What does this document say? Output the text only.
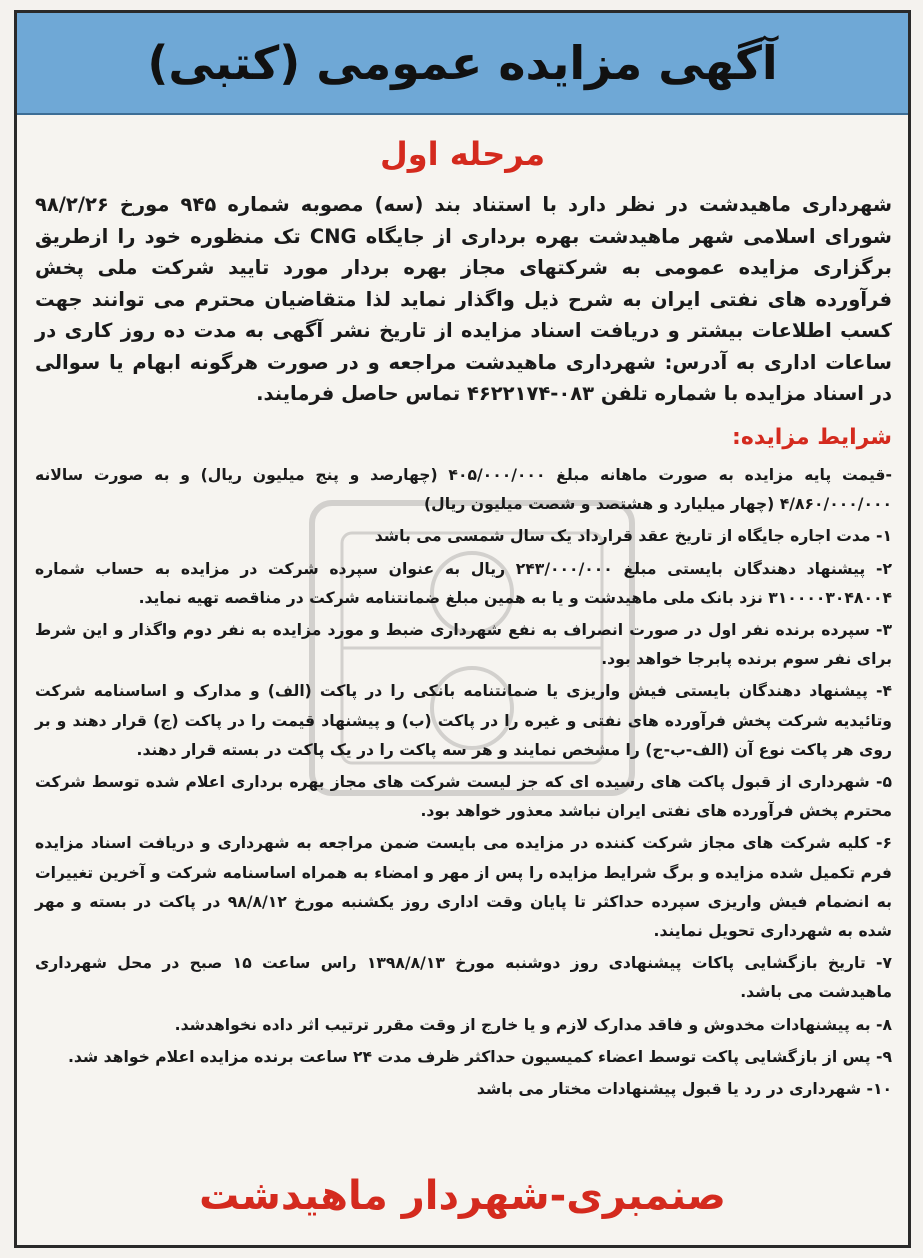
آگهی مزایده عمومی (کتبی)
مرحله اول
شهرداری ماهیدشت در نظر دارد با استناد بند (سه) مصوبه شماره ۹۴۵ مورخ ۹۸/۲/۲۶ شورای اسلامی شهر ماهیدشت بهره برداری از جایگاه CNG تک منظوره خود را ازطریق برگزاری مزایده عمومی به شرکتهای مجاز بهره بردار مورد تایید شرکت ملی پخش فرآورده های نفتی ایران به شرح ذیل واگذار نماید لذا متقاضیان محترم می توانند جهت کسب اطلاعات بیشتر و دریافت اسناد مزایده از تاریخ نشر آگهی به مدت ده روز کاری در ساعات اداری به آدرس: شهرداری ماهیدشت مراجعه و در صورت هرگونه ابهام یا سوالی در اسناد مزایده با شماره تلفن ۰۸۳-۴۶۲۲۱۷۴ تماس حاصل فرمایند.
شرایط مزایده:
-قیمت پایه مزایده به صورت ماهانه مبلغ ۴۰۵/۰۰۰/۰۰۰ (چهارصد و پنج میلیون ریال) و به صورت سالانه ۴/۸۶۰/۰۰۰/۰۰۰ (چهار میلیارد و هشتصد و شصت میلیون ریال)
۱- مدت اجاره جایگاه از تاریخ عقد قرارداد یک سال شمسی می باشد
۲- پیشنهاد دهندگان بایستی مبلغ ۲۴۳/۰۰۰/۰۰۰ ریال به عنوان سپرده شرکت در مزایده به حساب شماره ۳۱۰۰۰۰۳۰۴۸۰۰۴ نزد بانک ملی ماهیدشت و یا به همین مبلغ ضمانتنامه شرکت در مناقصه تهیه نماید.
۳- سپرده برنده نفر اول در صورت انصراف به نفع شهرداری ضبط و مورد مزایده به نفر دوم واگذار و این شرط برای نفر سوم برنده پابرجا خواهد بود.
۴- پیشنهاد دهندگان بایستی فیش واریزی یا ضمانتنامه بانکی را در پاکت (الف) و مدارک و اساسنامه شرکت وتائیدیه شرکت پخش فرآورده های نفتی و غیره را در پاکت (ب) و پیشنهاد قیمت را در پاکت (ج) قرار دهند و بر روی هر پاکت نوع آن (الف-ب-ج) را مشخص نمایند و هر سه پاکت را در یک پاکت در بسته قرار دهند.
۵- شهرداری از قبول پاکت های رسیده ای که جز لیست شرکت های مجاز بهره برداری اعلام شده توسط شرکت محترم پخش فرآورده های نفتی ایران نباشد معذور خواهد بود.
۶- کلیه شرکت های مجاز شرکت کننده در مزایده می بایست ضمن مراجعه به شهرداری و دریافت اسناد مزایده فرم تکمیل شده مزایده و برگ شرایط مزایده را پس از مهر و امضاء به همراه اساسنامه شرکت و آخرین تغییرات به انضمام فیش واریزی سپرده حداکثر تا پایان وقت اداری روز یکشنبه مورخ ۹۸/۸/۱۲ در پاکت در بسته و مهر شده به شهرداری تحویل نمایند.
۷- تاریخ بازگشایی پاکات پیشنهادی روز دوشنبه مورخ ۱۳۹۸/۸/۱۳ راس ساعت ۱۵ صبح در محل شهرداری ماهیدشت می باشد.
۸- به پیشنهادات مخدوش و فاقد مدارک لازم و یا خارج از وقت مقرر ترتیب اثر داده نخواهدشد.
۹- پس از بازگشایی پاکت توسط اعضاء کمیسیون حداکثر ظرف مدت ۲۴ ساعت برنده مزایده اعلام خواهد شد.
۱۰- شهرداری در رد یا قبول پیشنهادات مختار می باشد
صنمبری-شهردار ماهیدشت
